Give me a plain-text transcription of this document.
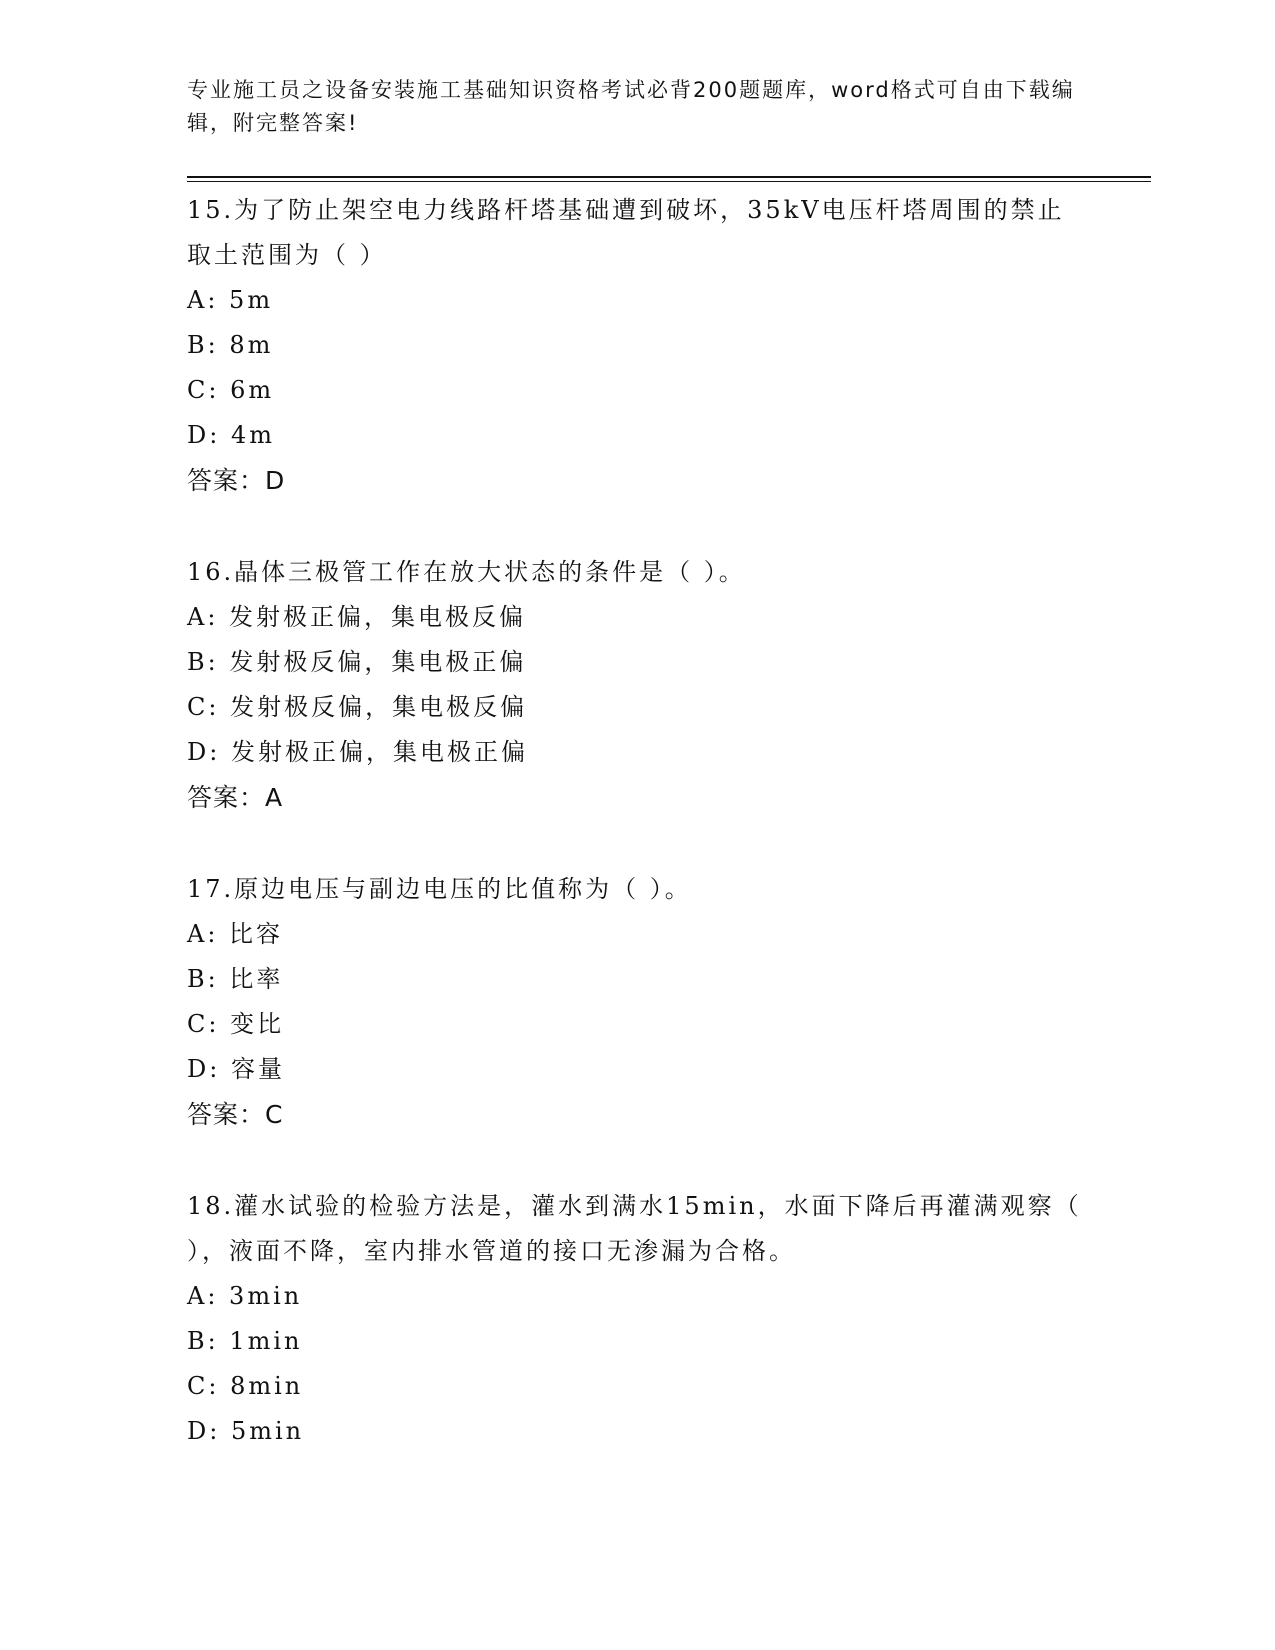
专业施工员之设备安装施工基础知识资格考试必背200题题库，word格式可自由下载编辑，附完整答案!

15.为了防止架空电力线路杆塔基础遭到破坏，35kV电压杆塔周围的禁止取土范围为（ ）

A: 5m
B: 8m
C: 6m
D: 4m
答案：D

16.晶体三极管工作在放大状态的条件是（ ）。

A: 发射极正偏，集电极反偏
B: 发射极反偏，集电极正偏
C: 发射极反偏，集电极反偏
D: 发射极正偏，集电极正偏
答案：A

17.原边电压与副边电压的比值称为（ ）。

A: 比容
B: 比率
C: 变比
D: 容量
答案：C

18.灌水试验的检验方法是，灌水到满水15min，水面下降后再灌满观察（ ），液面不降，室内排水管道的接口无渗漏为合格。

A: 3min
B: 1min
C: 8min
D: 5min
